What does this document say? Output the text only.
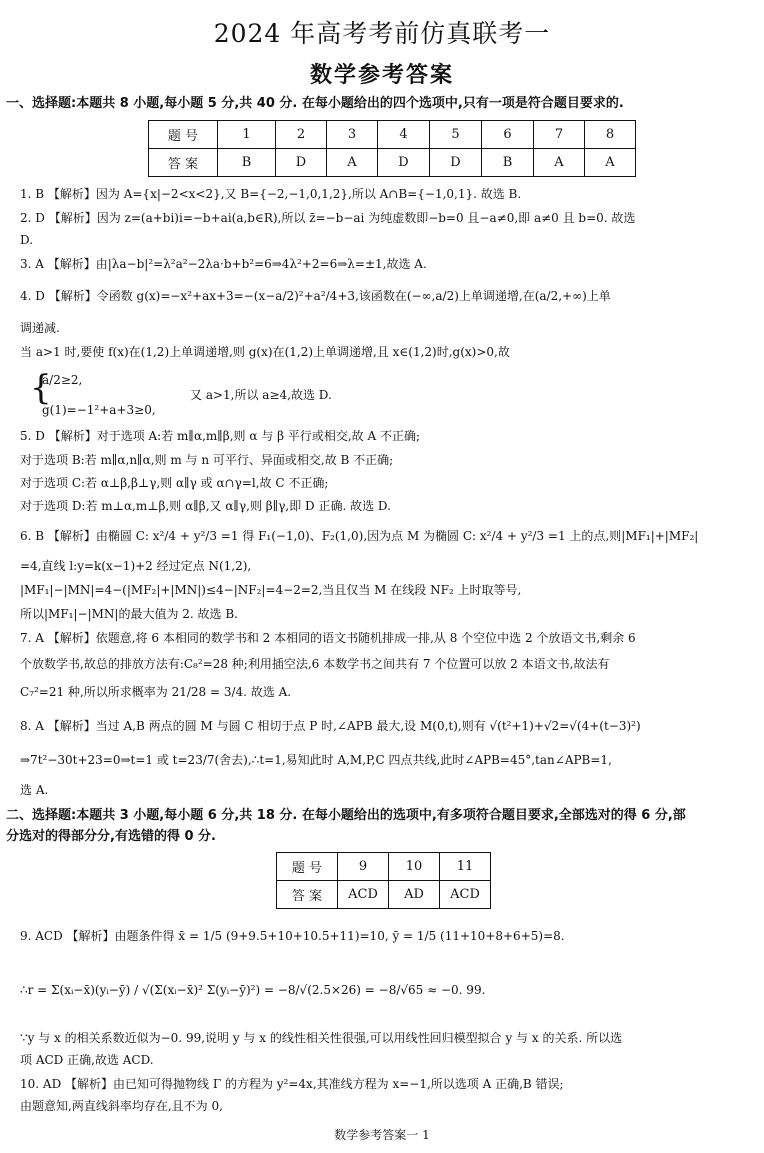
2024 年高考考前仿真联考一
数学参考答案
一、选择题:本题共 8 小题,每小题 5 分,共 40 分. 在每小题给出的四个选项中,只有一项是符合题目要求的.
题 号	1	2	3	4	5	6	7	8
答 案	B	D	A	D	D	B	A	A
1. B 【解析】因为 A={x|−2<x<2},又 B={−2,−1,0,1,2},所以 A∩B={−1,0,1}. 故选 B.
2. D 【解析】因为 z=(a+bi)i=−b+ai(a,b∈R),所以 z̄=−b−ai 为纯虚数即−b=0 且−a≠0,即 a≠0 且 b=0. 故选
D.
3. A 【解析】由|λa−b|²=λ²a²−2λa·b+b²=6⇒4λ²+2=6⇒λ=±1,故选 A.
4. D 【解析】令函数 g(x)=−x²+ax+3=−(x−a/2)²+a²/4+3,该函数在(−∞,a/2)上单调递增,在(a/2,+∞)上单
调递减.
当 a>1 时,要使 f(x)在(1,2)上单调递增,则 g(x)在(1,2)上单调递增,且 x∈(1,2)时,g(x)>0,故
{
a/2≥2,
g(1)=−1²+a+3≥0,
又 a>1,所以 a≥4,故选 D.
5. D 【解析】对于选项 A:若 m∥α,m∥β,则 α 与 β 平行或相交,故 A 不正确;
对于选项 B:若 m∥α,n∥α,则 m 与 n 可平行、异面或相交,故 B 不正确;
对于选项 C:若 α⊥β,β⊥γ,则 α∥γ 或 α∩γ=l,故 C 不正确;
对于选项 D:若 m⊥α,m⊥β,则 α∥β,又 α∥γ,则 β∥γ,即 D 正确. 故选 D.
6. B 【解析】由椭圆 C: x²/4 + y²/3 =1 得 F₁(−1,0)、F₂(1,0),因为点 M 为椭圆 C: x²/4 + y²/3 =1 上的点,则|MF₁|+|MF₂|
=4,直线 l:y=k(x−1)+2 经过定点 N(1,2),
|MF₁|−|MN|=4−(|MF₂|+|MN|)≤4−|NF₂|=4−2=2,当且仅当 M 在线段 NF₂ 上时取等号,
所以|MF₁|−|MN|的最大值为 2. 故选 B.
7. A 【解析】依题意,将 6 本相同的数学书和 2 本相同的语文书随机排成一排,从 8 个空位中选 2 个放语文书,剩余 6
个放数学书,故总的排放方法有:C₈²=28 种;利用插空法,6 本数学书之间共有 7 个位置可以放 2 本语文书,故法有
C₇²=21 种,所以所求概率为 21/28 = 3/4. 故选 A.
8. A 【解析】当过 A,B 两点的圆 M 与圆 C 相切于点 P 时,∠APB 最大,设 M(0,t),则有 √(t²+1)+√2=√(4+(t−3)²)
⇒7t²−30t+23=0⇒t=1 或 t=23/7(舍去),∴t=1,易知此时 A,M,P,C 四点共线,此时∠APB=45°,tan∠APB=1,
选 A.
二、选择题:本题共 3 小题,每小题 6 分,共 18 分. 在每小题给出的选项中,有多项符合题目要求,全部选对的得 6 分,部
分选对的得部分分,有选错的得 0 分.
题 号	9	10	11
答 案	ACD	AD	ACD
9. ACD 【解析】由题条件得 x̄ = 1/5 (9+9.5+10+10.5+11)=10, ȳ = 1/5 (11+10+8+6+5)=8.
∴r = Σ(xᵢ−x̄)(yᵢ−ȳ) / √(Σ(xᵢ−x̄)² Σ(yᵢ−ȳ)²) = −8/√(2.5×26) = −8/√65 ≈ −0. 99.
∵y 与 x 的相关系数近似为−0. 99,说明 y 与 x 的线性相关性很强,可以用线性回归模型拟合 y 与 x 的关系. 所以选
项 ACD 正确,故选 ACD.
10. AD 【解析】由已知可得抛物线 Γ 的方程为 y²=4x,其准线方程为 x=−1,所以选项 A 正确,B 错误;
由题意知,两直线斜率均存在,且不为 0,
数学参考答案一 1
